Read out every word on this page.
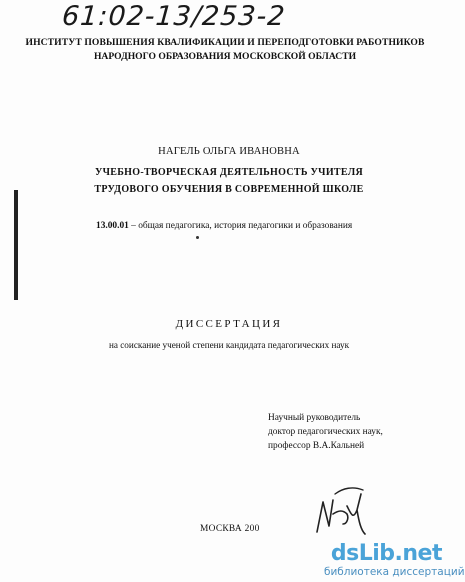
61:02-13/253-2
ИНСТИТУТ ПОВЫШЕНИЯ КВАЛИФИКАЦИИ И ПЕРЕПОДГОТОВКИ РАБОТНИКОВ
НАРОДНОГО ОБРАЗОВАНИЯ МОСКОВСКОЙ ОБЛАСТИ
НАГЕЛЬ ОЛЬГА ИВАНОВНА
УЧЕБНО-ТВОРЧЕСКАЯ ДЕЯТЕЛЬНОСТЬ УЧИТЕЛЯ
ТРУДОВОГО ОБУЧЕНИЯ В СОВРЕМЕННОЙ ШКОЛЕ
13.00.01 – общая педагогика, история педагогики и образования
ДИССЕРТАЦИЯ
на соискание ученой степени кандидата педагогических наук
Научный руководитель
доктор педагогических наук,
профессор В.А.Кальней
МОСКВА 200
dsLib.net
библиотека диссертаций
